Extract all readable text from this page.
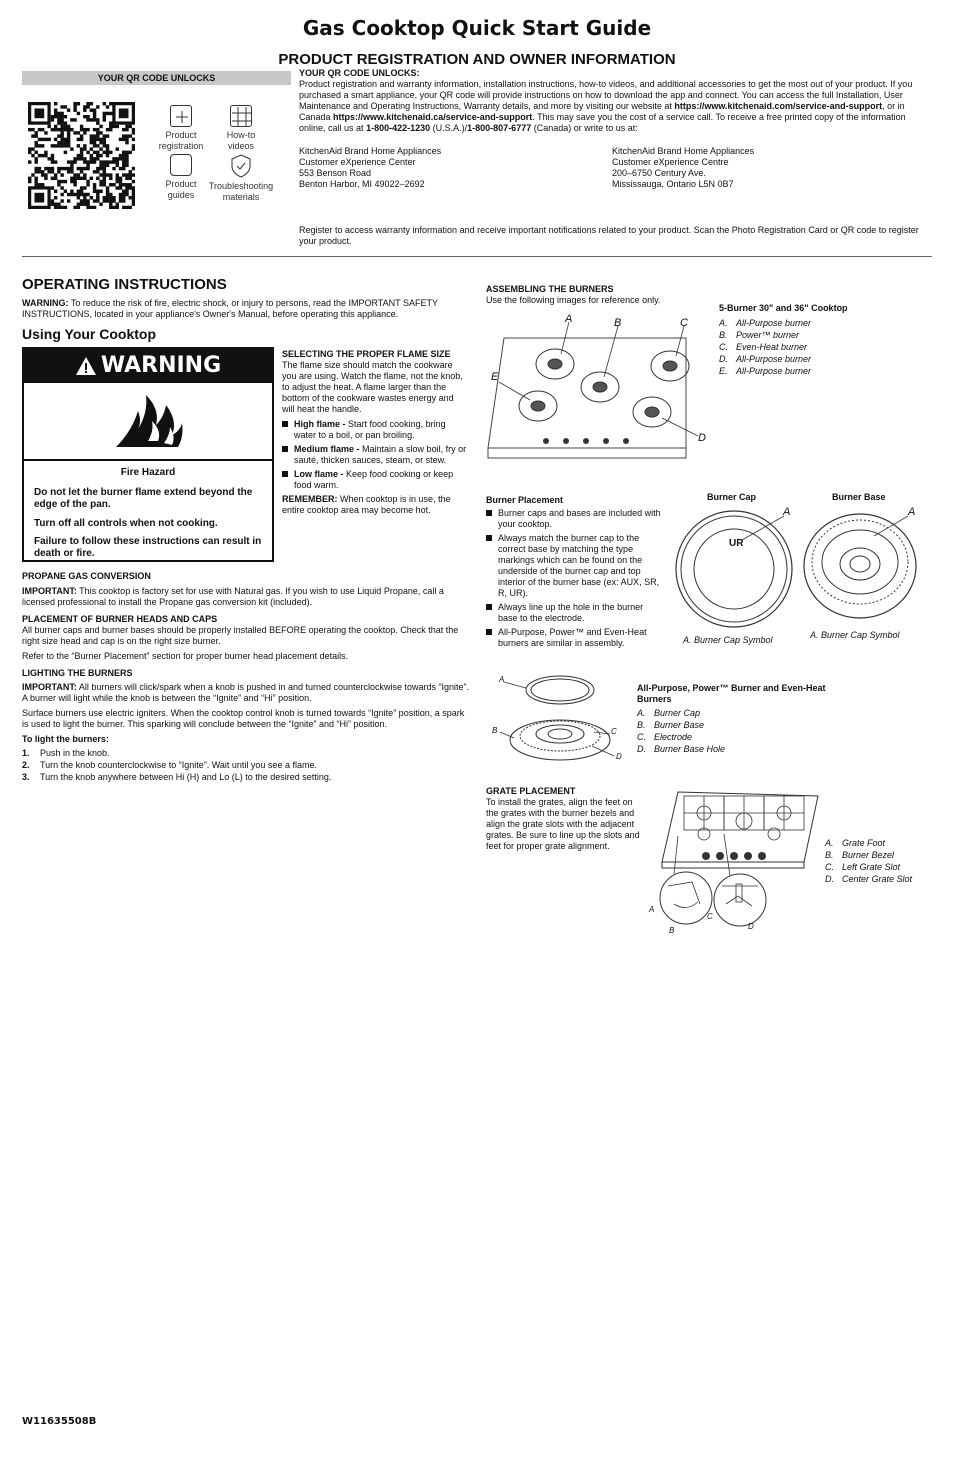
Gas Cooktop Quick Start Guide
PRODUCT REGISTRATION AND OWNER INFORMATION
YOUR QR CODE UNLOCKS
Product registration
How-to videos
Product guides
Troubleshooting materials
YOUR QR CODE UNLOCKS:

Product registration and warranty information, installation instructions, how-to videos, and additional accessories to get the most out of your product. If you purchased a smart appliance, your QR code will provide instructions on how to download the app and connect. You can access the full Installation, User Maintenance and Operating Instructions, Warranty details, and more by visiting our website at https://www.kitchenaid.com/service-and-support, or in Canada https://www.kitchenaid.ca/service-and-support. This may save you the cost of a service call. To receive a free printed copy of the information online, call us at 1-800-422-1230 (U.S.A.)/1-800-807-6777 (Canada) or write to us at:

KitchenAid Brand Home Appliances
Customer eXperience Center
553 Benson Road
Benton Harbor, MI 49022–2692
KitchenAid Brand Home Appliances
Customer eXperience Centre
200–6750 Century Ave.
Mississauga, Ontario L5N 0B7
Register to access warranty information and receive important notifications related to your product. Scan the Photo Registration Card or QR code to register your product.
OPERATING INSTRUCTIONS

WARNING: To reduce the risk of fire, electric shock, or injury to persons, read the IMPORTANT SAFETY INSTRUCTIONS, located in your appliance's Owner's Manual, before operating this appliance.

Using Your Cooktop
WARNING
Fire Hazard
Do not let the burner flame extend beyond the edge of the pan.
Turn off all controls when not cooking.
Failure to follow these instructions can result in death or fire.
SELECTING THE PROPER FLAME SIZE

The flame size should match the cookware you are using. Watch the flame, not the knob, to adjust the heat. A flame larger than the bottom of the cookware wastes energy and will heat the handle.

High flame - Start food cooking, bring water to a boil, or pan broiling.
Medium flame - Maintain a slow boil, fry or sauté, thicken sauces, steam, or stew.
Low flame - Keep food cooking or keep food warm.

REMEMBER: When cooktop is in use, the entire cooktop area may become hot.

PROPANE GAS CONVERSION

IMPORTANT: This cooktop is factory set for use with Natural gas. If you wish to use Liquid Propane, call a licensed professional to install the Propane gas conversion kit (included).

PLACEMENT OF BURNER HEADS AND CAPS

All burner caps and burner bases should be properly installed BEFORE operating the cooktop. Check that the right size head and cap is on the right size burner.

Refer to the “Burner Placement” section for proper burner head placement details.

LIGHTING THE BURNERS

IMPORTANT: All burners will click/spark when a knob is pushed in and turned counterclockwise towards “Ignite”. A burner will light while the knob is between the “Ignite” and “Hi” position.

Surface burners use electric igniters. When the cooktop control knob is turned towards “Ignite” position, a spark is used to light the burner. This sparking will conclude between the “Ignite” and “Hi” position.

To light the burners:
1. Push in the knob.
2. Turn the knob counterclockwise to “Ignite”. Wait until you see a flame.
3. Turn the knob anywhere between Hi (H) and Lo (L) to the desired setting.
ASSEMBLING THE BURNERS
Use the following images for reference only.
A	B	C
D
E
5-Burner 30" and 36" Cooktop
A. All-Purpose burner
B. Power™ burner
C. Even-Heat burner
D. All-Purpose burner
E. All-Purpose burner
Burner Placement
Burner caps and bases are included with your cooktop.
Always match the burner cap to the correct base by matching the type markings which can be found on the underside of the burner cap and top interior of the burner base (ex: AUX, SR, R, UR).
Always line up the hole in the burner base to the electrode.
All-Purpose, Power™ and Even-Heat burners are similar in assembly.
Burner Cap	Burner Base
UR
A	A
A. Burner Cap Symbol	A. Burner Cap Symbol
A
B	C
D
All-Purpose, Power™ Burner and Even-Heat Burners
A. Burner Cap
B. Burner Base
C. Electrode
D. Burner Base Hole
GRATE PLACEMENT
To install the grates, align the feet on the grates with the burner bezels and align the grate slots with the adjacent grates. Be sure to line up the slots and feet for proper grate alignment.
A
B
C
D
A. Grate Foot
B. Burner Bezel
C. Left Grate Slot
D. Center Grate Slot
W11635508B
